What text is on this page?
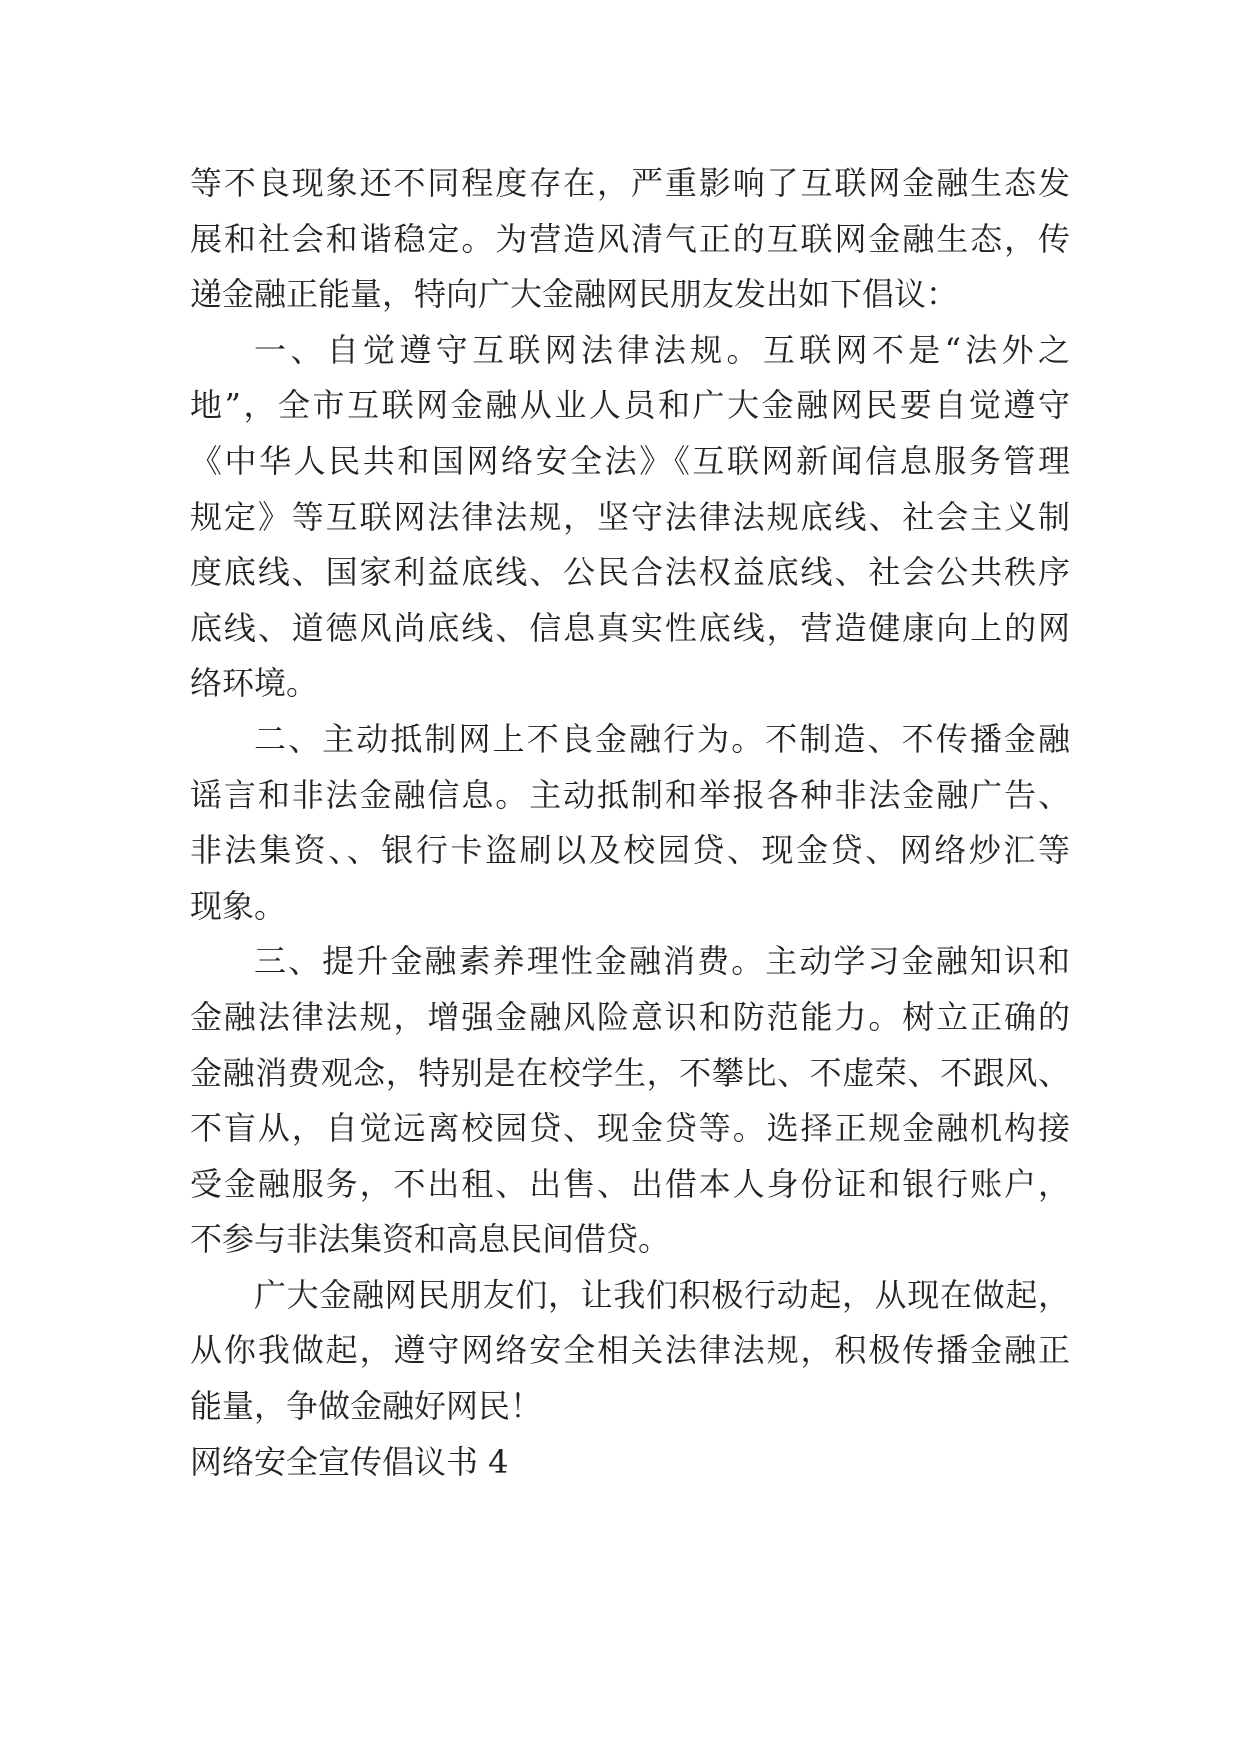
等不良现象还不同程度存在，严重影响了互联网金融生态发
展和社会和谐稳定。为营造风清气正的互联网金融生态，传
递金融正能量，特向广大金融网民朋友发出如下倡议：
一、自觉遵守互联网法律法规。互联网不是“法外之
地”，全市互联网金融从业人员和广大金融网民要自觉遵守
《中华人民共和国网络安全法》《互联网新闻信息服务管理
规定》等互联网法律法规，坚守法律法规底线、社会主义制
度底线、国家利益底线、公民合法权益底线、社会公共秩序
底线、道德风尚底线、信息真实性底线，营造健康向上的网
络环境。
二、主动抵制网上不良金融行为。不制造、不传播金融
谣言和非法金融信息。主动抵制和举报各种非法金融广告、
非法集资、、银行卡盗刷以及校园贷、现金贷、网络炒汇等
现象。
三、提升金融素养理性金融消费。主动学习金融知识和
金融法律法规，增强金融风险意识和防范能力。树立正确的
金融消费观念，特别是在校学生，不攀比、不虚荣、不跟风、
不盲从，自觉远离校园贷、现金贷等。选择正规金融机构接
受金融服务，不出租、出售、出借本人身份证和银行账户，
不参与非法集资和高息民间借贷。
广大金融网民朋友们，让我们积极行动起，从现在做起，
从你我做起，遵守网络安全相关法律法规，积极传播金融正
能量，争做金融好网民！
网络安全宣传倡议书 4
